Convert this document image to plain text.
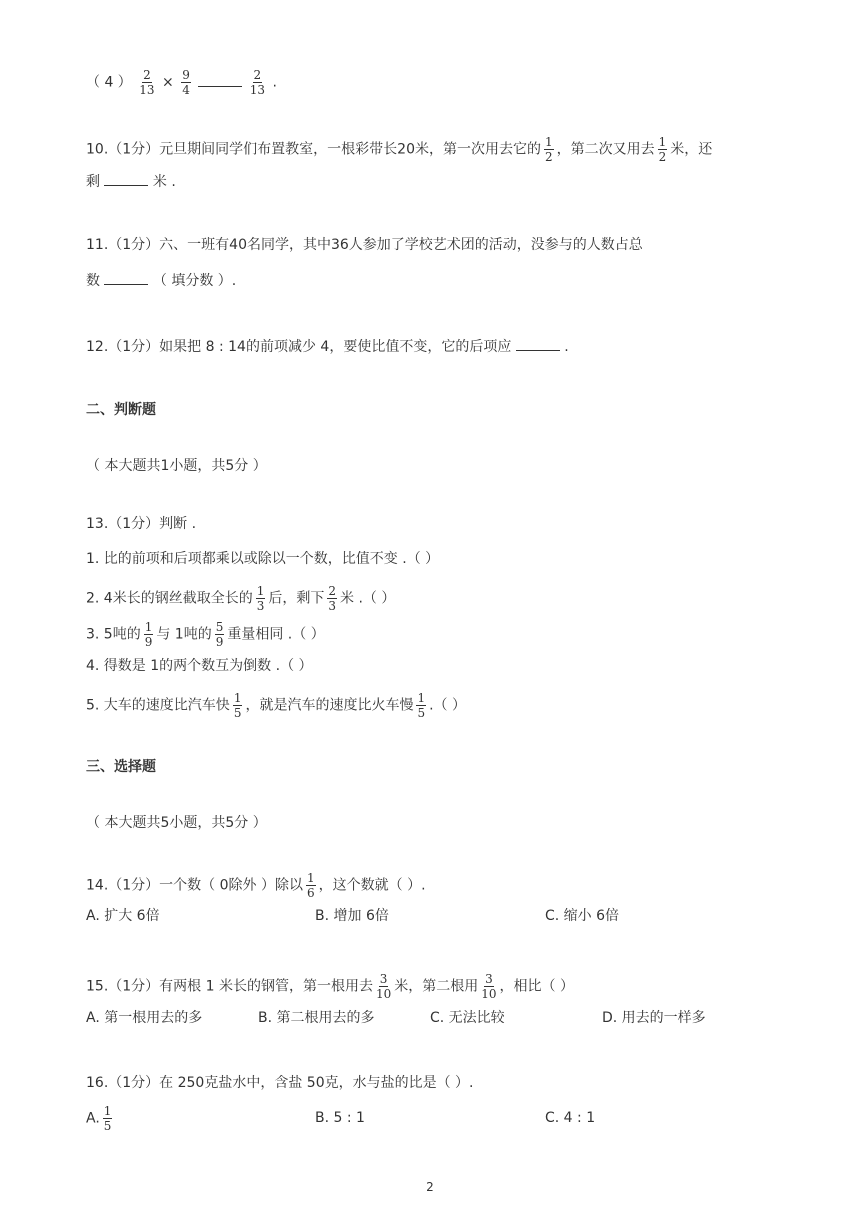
（ 4 ） $\frac{2}{13} \times \frac{9}{4}$
	$\frac{2}{13}$ .
10.（1分）元旦期间同学们布置教室，一根彩带长20米，第一次用去它的 $\frac{1}{2}$ ，第二次又用去 $\frac{1}{2}$ 米，还
剩	米 .
11.（1分）六、一班有40名同学，其中36人参加了学校艺术团的活动，没参与的人数占总
数	（ 填分数 ）.
12.（1分）如果把 8 : 14的前项减少 4，要使比值不变，它的后项应	.
二、判断题
（ 本大题共1小题，共5分 ）
13.（1分）判断 .
1. 比的前项和后项都乘以或除以一个数，比值不变 .（ ）
2. 4米长的钢丝截取全长的 $\frac{1}{3}$ 后，剩下 $\frac{2}{3}$ 米 .（ ）
3. 5吨的 $\frac{1}{9}$ 与 1吨的 $\frac{5}{9}$ 重量相同 .（ ）
4. 得数是 1的两个数互为倒数 .（ ）
5. 大车的速度比汽车快 $\frac{1}{5}$ ，就是汽车的速度比火车慢 $\frac{1}{5}$ .（ ）
三、选择题
（ 本大题共5小题，共5分 ）
14.（1分）一个数（ 0除外 ）除以 $\frac{1}{6}$ ，这个数就（ ）.
A. 扩大 6倍	B. 增加 6倍	C. 缩小 6倍
15.（1分）有两根 1 米长的钢管，第一根用去 $\frac{3}{10}$ 米，第二根用 $\frac{3}{10}$ ，相比（ ）
A. 第一根用去的多	B. 第二根用去的多	C. 无法比较	D. 用去的一样多
16.（1分）在 250克盐水中，含盐 50克，水与盐的比是（ ）.
A. $\frac{1}{5}$	B. 5 : 1	C. 4 : 1
2
